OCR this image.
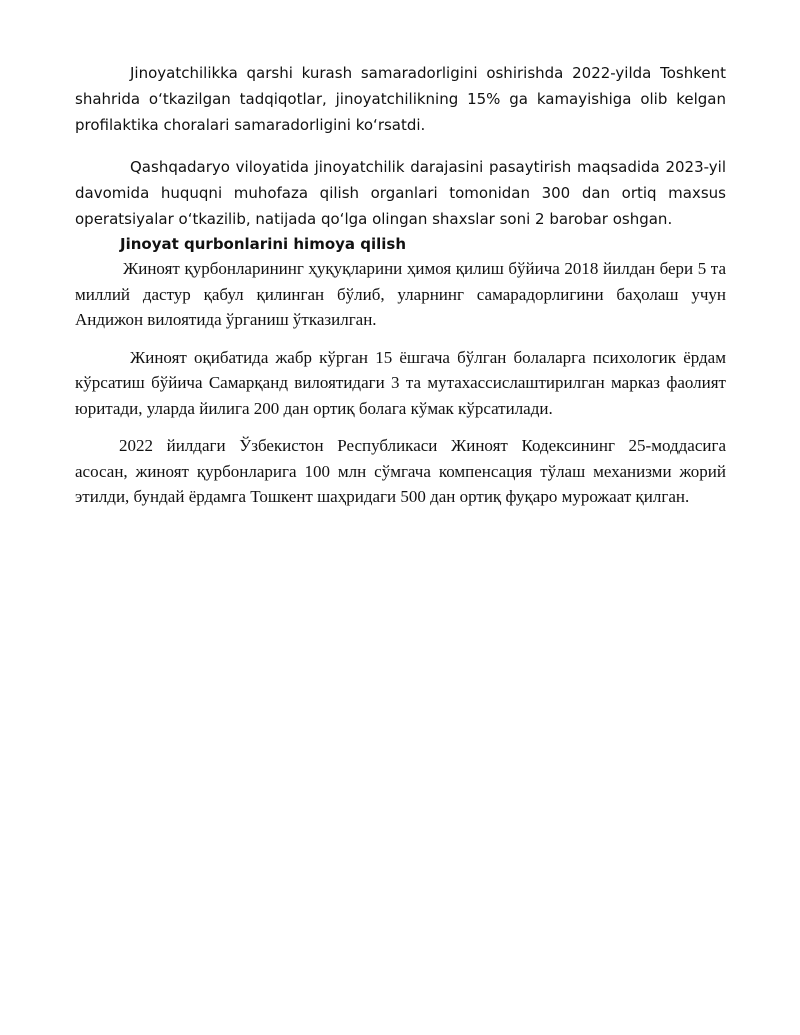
Jinoyatchilikka qarshi kurash samaradorligini oshirishda 2022-yilda Toshkent shahrida o‘tkazilgan tadqiqotlar, jinoyatchilikning 15% ga kamayishiga olib kelgan profilaktika choralari samaradorligini ko‘rsatdi.

Qashqadaryo viloyatida jinoyatchilik darajasini pasaytirish maqsadida 2023-yil davomida huquqni muhofaza qilish organlari tomonidan 300 dan ortiq maxsus operatsiyalar o‘tkazilib, natijada qo‘lga olingan shaxslar soni 2 barobar oshgan.

Jinoyat qurbonlarini himoya qilish

Жиноят қурбонларининг ҳуқуқларини ҳимоя қилиш бўйича 2018 йилдан бери 5 та миллий дастур қабул қилинган бўлиб, уларнинг самарадорлигини баҳолаш учун Андижон вилоятида ўрганиш ўтказилган.

Жиноят оқибатида жабр кўрган 15 ёшгача бўлган болаларга психологик ёрдам кўрсатиш бўйича Самарқанд вилоятидаги 3 та мутахассислаштирилган марказ фаолият юритади, уларда йилига 200 дан ортиқ болага кўмак кўрсатилади.

2022 йилдаги Ўзбекистон Республикаси Жиноят Кодексининг 25-моддасига асосан, жиноят қурбонларига 100 млн сўмгача компенсация тўлаш механизми жорий этилди, бундай ёрдамга Тошкент шаҳридаги 500 дан ортиқ фуқаро мурожаат қилган.
